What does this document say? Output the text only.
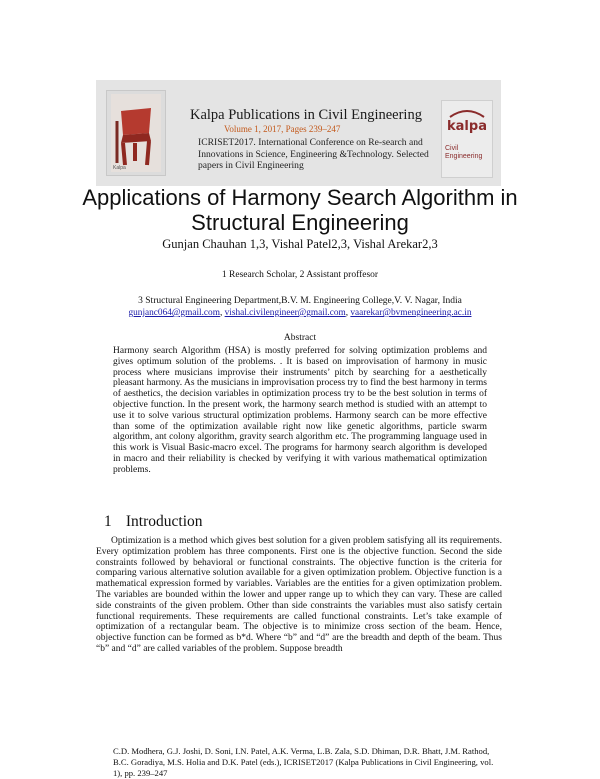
Kalpa
kalpa
Civil Engineering
Kalpa Publications in Civil Engineering
Volume 1, 2017, Pages 239–247
ICRISET2017. International Conference on Re-search and Innovations in Science, Engineering &Technology. Selected papers in Civil Engineering
Applications of Harmony Search Algorithm in Structural Engineering
Gunjan Chauhan 1,3, Vishal Patel2,3, Vishal Arekar2,3
1 Research Scholar, 2 Assistant proffesor
3 Structural Engineering Department,B.V. M. Engineering College,V. V. Nagar, India
gunjanc064@gmail.com, vishal.civilengineer@gmail.com, vaarekar@bvmengineering.ac.in
Abstract
Harmony search Algorithm (HSA) is mostly preferred for solving optimization problems and gives optimum solution of the problems. . It is based on improvisation of harmony in music process where musicians improvise their instruments’ pitch by searching for a aesthetically pleasant harmony. As the musicians in improvisation process try to find the best harmony in terms of aesthetics, the decision variables in optimization process try to be the best solution in terms of objective function. In the present work, the harmony search method is studied with an attempt to use it to solve various structural optimization problems. Harmony search can be more effective than some of the optimization available right now like genetic algorithms, particle swarm algorithm, ant colony algorithm, gravity search algorithm etc. The programming language used in this work is Visual Basic-macro excel. The programs for harmony search algorithm is developed in macro and their reliability is checked by verifying it with various mathematical optimization problems.
1 Introduction
Optimization is a method which gives best solution for a given problem satisfying all its requirements. Every optimization problem has three components. First one is the objective function. Second the side constraints followed by behavioral or functional constraints. The objective function is the criteria for comparing various alternative solution available for a given optimization problem. Objective function is a mathematical expression formed by variables. Variables are the entities for a given optimization problem. The variables are bounded within the lower and upper range up to which they can vary. These are called side constraints of the given problem. Other than side constraints the variables must also satisfy certain functional requirements. These requirements are called functional constraints. Let’s take example of optimization of a rectangular beam. The objective is to minimize cross section of the beam. Hence, objective function can be formed as b*d. Where “b” and “d” are the breadth and depth of the beam. Thus “b” and “d” are called variables of the problem. Suppose breadth
C.D. Modhera, G.J. Joshi, D. Soni, I.N. Patel, A.K. Verma, L.B. Zala, S.D. Dhiman, D.R. Bhatt, J.M. Rathod, B.C. Goradiya, M.S. Holia and D.K. Patel (eds.), ICRISET2017 (Kalpa Publications in Civil Engineering, vol. 1), pp. 239–247
